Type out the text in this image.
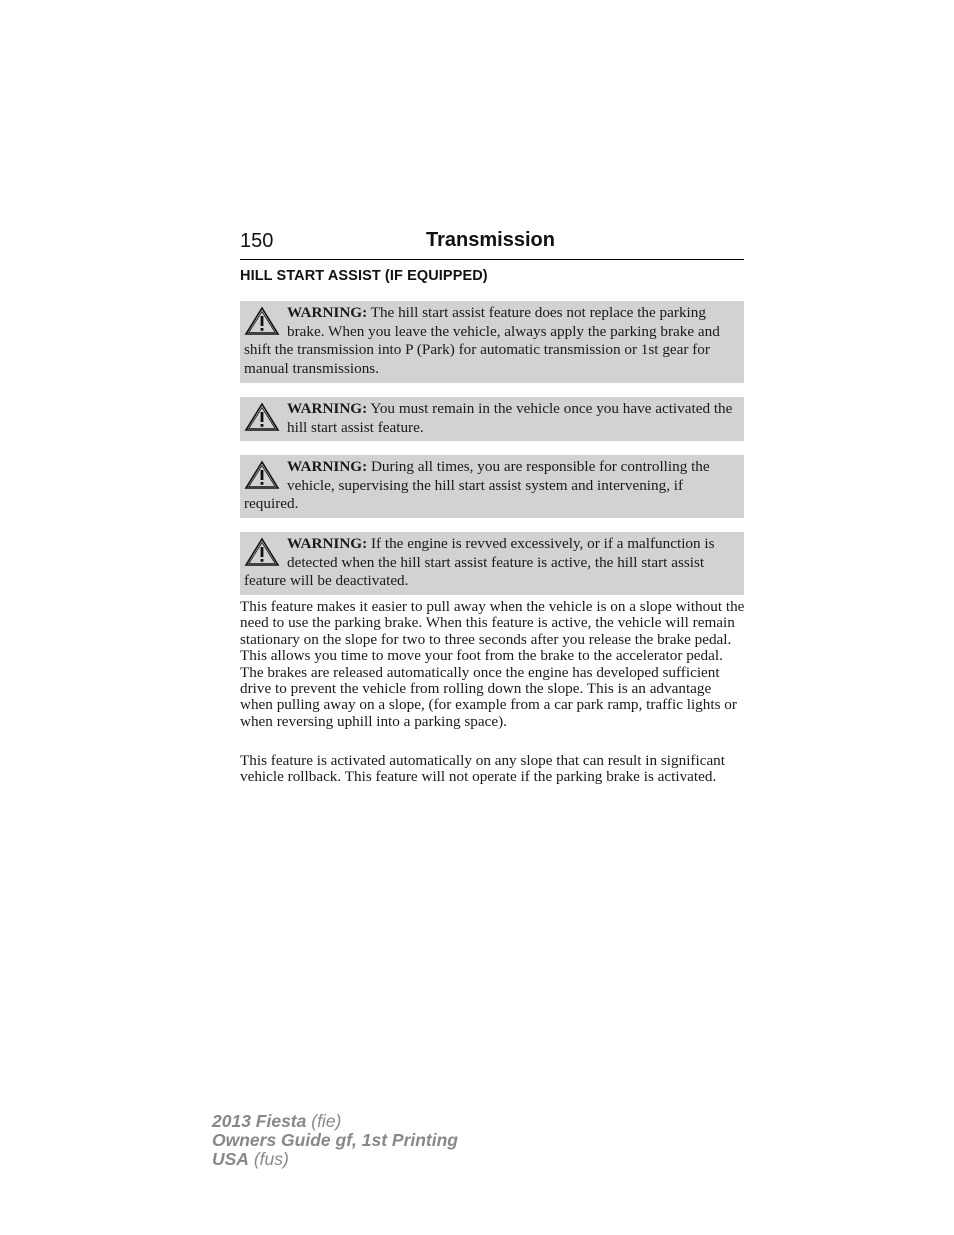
150	Transmission
HILL START ASSIST (IF EQUIPPED)
WARNING: The hill start assist feature does not replace the parking brake. When you leave the vehicle, always apply the parking brake and shift the transmission into P (Park) for automatic transmission or 1st gear for manual transmissions.
WARNING: You must remain in the vehicle once you have activated the hill start assist feature.
WARNING: During all times, you are responsible for controlling the vehicle, supervising the hill start assist system and intervening, if required.
WARNING: If the engine is revved excessively, or if a malfunction is detected when the hill start assist feature is active, the hill start assist feature will be deactivated.

This feature makes it easier to pull away when the vehicle is on a slope without the need to use the parking brake. When this feature is active, the vehicle will remain stationary on the slope for two to three seconds after you release the brake pedal. This allows you time to move your foot from the brake to the accelerator pedal. The brakes are released automatically once the engine has developed sufficient drive to prevent the vehicle from rolling down the slope. This is an advantage when pulling away on a slope, (for example from a car park ramp, traffic lights or when reversing uphill into a parking space).

This feature is activated automatically on any slope that can result in significant vehicle rollback. This feature will not operate if the parking brake is activated.

2013 Fiesta (fie)
Owners Guide gf, 1st Printing
USA (fus)
